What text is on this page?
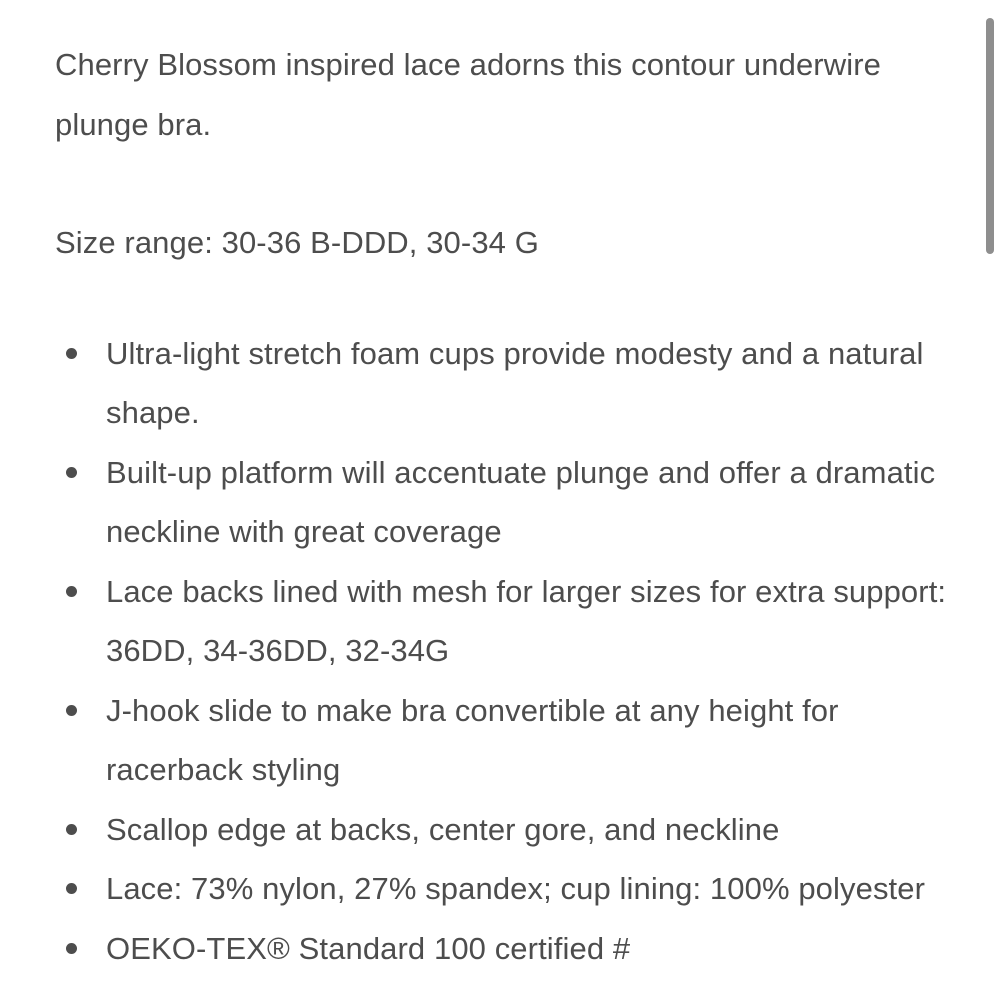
Cherry Blossom inspired lace adorns this contour underwire plunge bra.

Size range: 30-36 B-DDD, 30-34 G

Ultra-light stretch foam cups provide modesty and a natural shape.
Built-up platform will accentuate plunge and offer a dramatic neckline with great coverage
Lace backs lined with mesh for larger sizes for extra support: 36DD, 34-36DD, 32-34G
J-hook slide to make bra convertible at any height for racerback styling
Scallop edge at backs, center gore, and neckline
Lace: 73% nylon, 27% spandex; cup lining: 100% polyester
OEKO-TEX® Standard 100 certified #
